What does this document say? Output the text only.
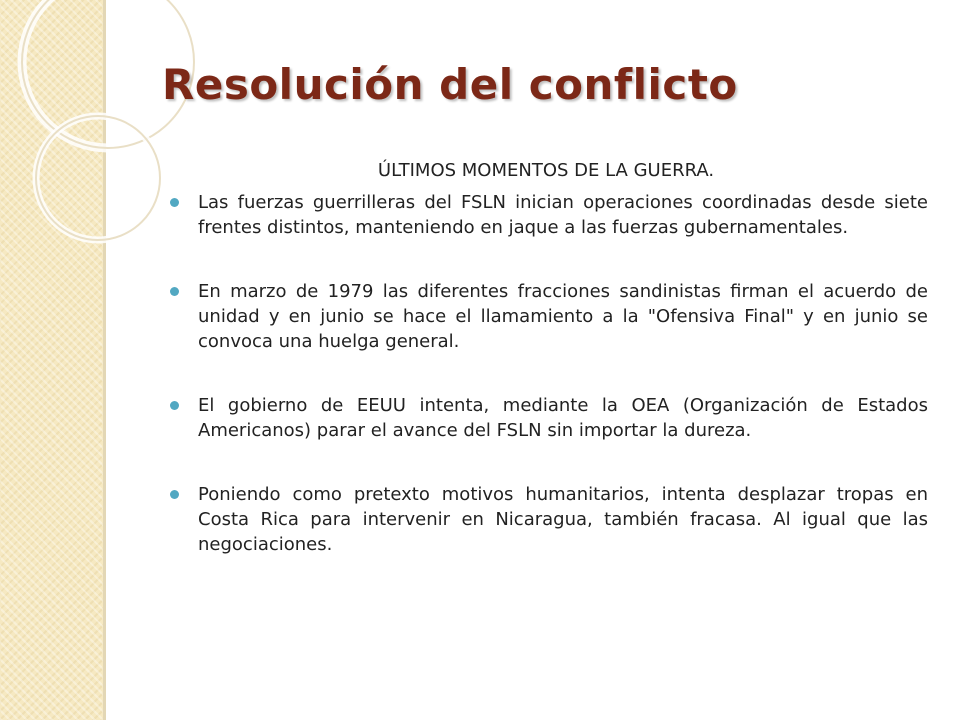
Resolución del conflicto
ÚLTIMOS MOMENTOS DE LA GUERRA.
Las fuerzas guerrilleras del FSLN inician operaciones coordinadas desde siete frentes distintos, manteniendo en jaque a las fuerzas gubernamentales.
En marzo de 1979 las diferentes fracciones sandinistas firman el acuerdo de unidad y en junio se hace el llamamiento a la "Ofensiva Final" y en junio se convoca una huelga general.
El gobierno de EEUU intenta, mediante la OEA (Organización de Estados Americanos) parar el avance del FSLN sin importar la dureza.
Poniendo como pretexto motivos humanitarios, intenta desplazar tropas en Costa Rica para intervenir en Nicaragua, también fracasa. Al igual que las negociaciones.
